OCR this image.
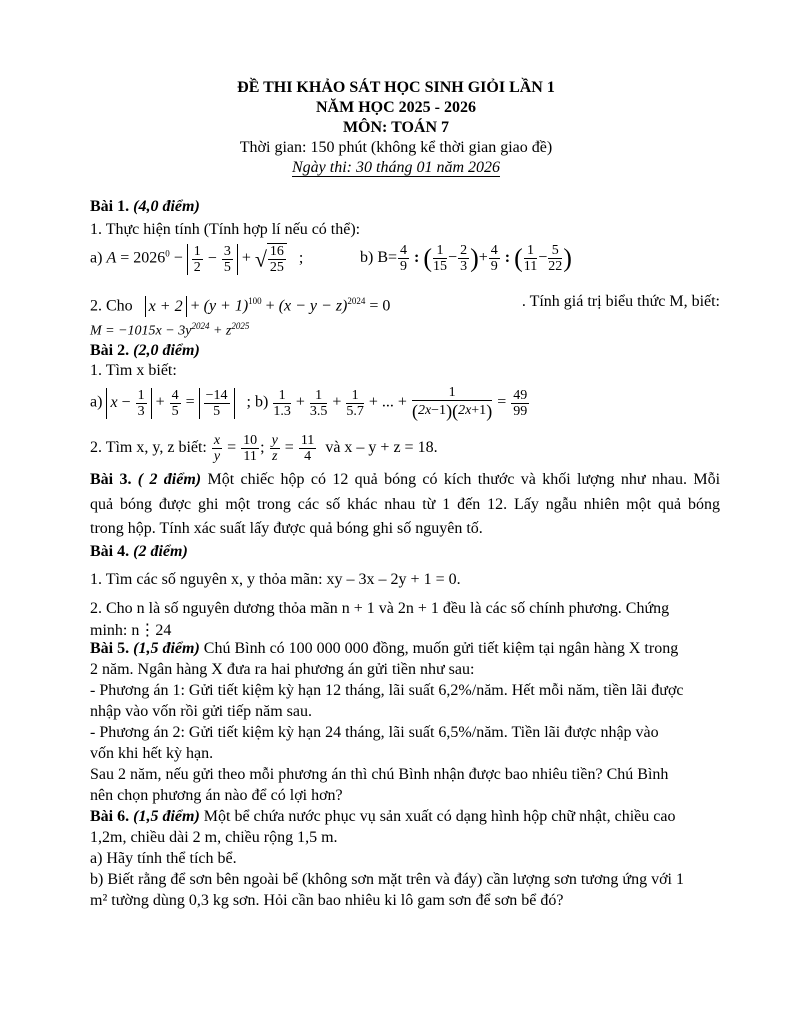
ĐỀ THI KHẢO SÁT HỌC SINH GIỎI LẦN 1
NĂM HỌC 2025 - 2026
MÔN: TOÁN 7
Thời gian: 150 phút (không kể thời gian giao đề)
Ngày thi: 30 tháng 01 năm 2026
Bài 1. (4,0 điểm)
1. Thực hiện tính (Tính hợp lí nếu có thể):
a) $A = 2026^0 - \frac{1}{2} - \frac{3}{5}$ + √ $\frac{16}{25}$ ;	b) $B= \frac{4}{9}$ : ( $\frac{1}{15} - \frac{2}{3}$ )+ $\frac{4}{9}$ : ( $\frac{1}{11} - \frac{5}{22}$ )
2. Cho $x + 2 + (y + 1)^{100} + (x - y - z)^{2024} = 0$	. Tính giá trị biểu thức M, biết:
$M = -1015x - 3y^{2024} + z^{2025}$
Bài 2. (2,0 điểm)
1. Tìm x biết:
a) $x - \frac{1}{3} + \frac{4}{5} = \frac{-14}{5}$ ; $b) \frac{1}{1.3} + \frac{1}{3.5} + \frac{1}{5.7}$ + ... + $\frac{1}{(2x-1)(2x+1)} = \frac{49}{99}$
2. Tìm x, y, z biết: $\frac{x}{y} = \frac{10}{11}$ ; $\frac{y}{z} = \frac{11}{4}$ và x – y + z = 18.
Bài 3. ( 2 điểm) Một chiếc hộp có 12 quả bóng có kích thước và khối lượng như nhau. Mỗi
quả bóng được ghi một trong các số khác nhau từ 1 đến 12. Lấy ngẫu nhiên một quả bóng
trong hộp. Tính xác suất lấy được quả bóng ghi số nguyên tố.
Bài 4. (2 điểm)
1. Tìm các số nguyên x, y thỏa mãn: xy – 3x – 2y + 1 = 0.
2. Cho n là số nguyên dương thỏa mãn n + 1 và 2n + 1 đều là các số chính phương. Chứng
minh: n⋮24
Bài 5. (1,5 điểm) Chú Bình có 100 000 000 đồng, muốn gửi tiết kiệm tại ngân hàng X trong
2 năm. Ngân hàng X đưa ra hai phương án gửi tiền như sau:
- Phương án 1: Gửi tiết kiệm kỳ hạn 12 tháng, lãi suất 6,2%/năm. Hết mỗi năm, tiền lãi được
nhập vào vốn rồi gửi tiếp năm sau.
- Phương án 2: Gửi tiết kiệm kỳ hạn 24 tháng, lãi suất 6,5%/năm. Tiền lãi được nhập vào
vốn khi hết kỳ hạn.
Sau 2 năm, nếu gửi theo mỗi phương án thì chú Bình nhận được bao nhiêu tiền? Chú Bình
nên chọn phương án nào để có lợi hơn?
Bài 6. (1,5 điểm) Một bể chứa nước phục vụ sản xuất có dạng hình hộp chữ nhật, chiều cao
1,2m, chiều dài 2 m, chiều rộng 1,5 m.
a) Hãy tính thể tích bể.
b) Biết rằng để sơn bên ngoài bể (không sơn mặt trên và đáy) cần lượng sơn tương ứng với 1
m² tường dùng 0,3 kg sơn. Hỏi cần bao nhiêu ki lô gam sơn để sơn bể đó?
